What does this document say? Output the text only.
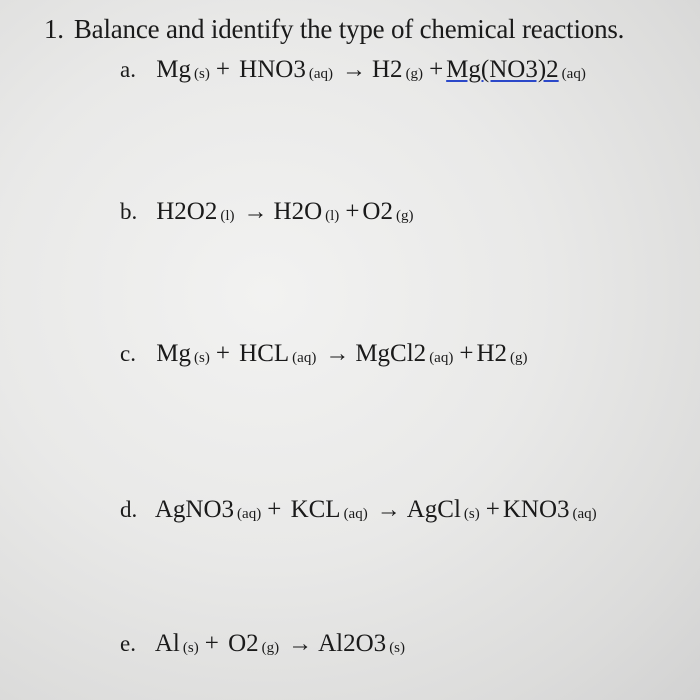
1. Balance and identify the type of chemical reactions.
a. Mg (s) + HNO3 (aq) → H2 (g) + Mg(NO3)2 (aq)
b. H2O2 (l) → H2O (l) + O2 (g)
c. Mg (s) + HCL (aq) → MgCl2 (aq) + H2 (g)
d. AgNO3 (aq) + KCL (aq) → AgCl (s) + KNO3 (aq)
e. Al (s) + O2 (g) → Al2O3 (s)
